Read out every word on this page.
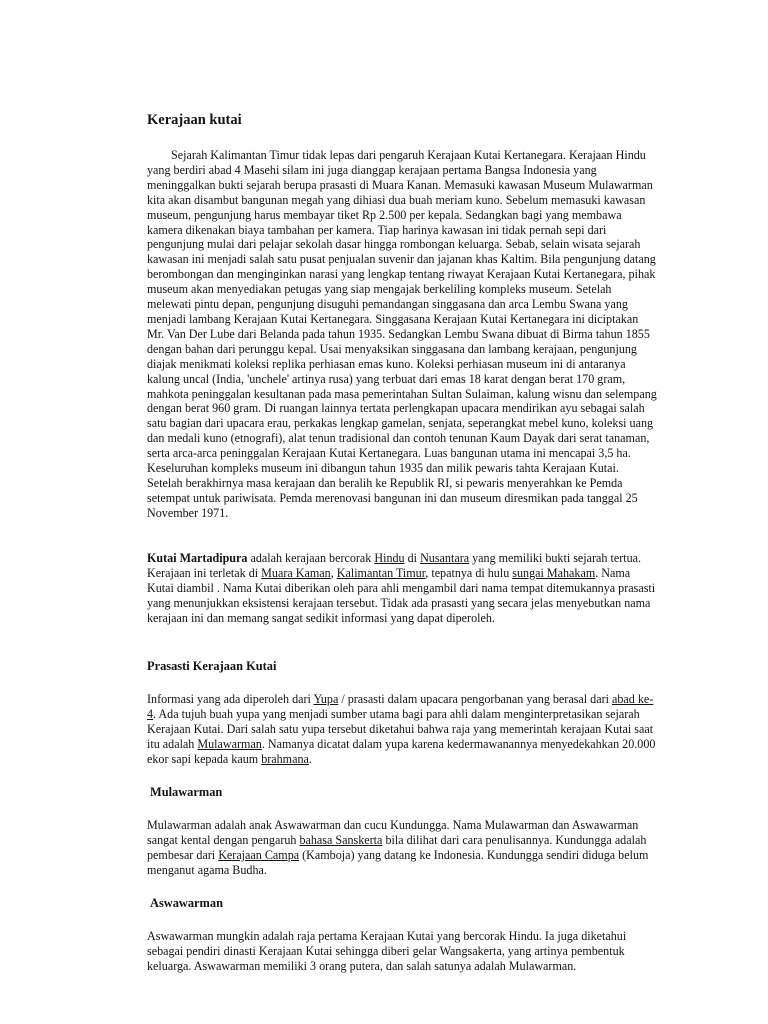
Kerajaan kutai

Sejarah Kalimantan Timur tidak lepas dari pengaruh Kerajaan Kutai Kertanegara. Kerajaan Hindu yang berdiri abad 4 Masehi silam ini juga dianggap kerajaan pertama Bangsa Indonesia yang meninggalkan bukti sejarah berupa prasasti di Muara Kanan. Memasuki kawasan Museum Mulawarman kita akan disambut bangunan megah yang dihiasi dua buah meriam kuno. Sebelum memasuki kawasan museum, pengunjung harus membayar tiket Rp 2.500 per kepala. Sedangkan bagi yang membawa kamera dikenakan biaya tambahan per kamera. Tiap harinya kawasan ini tidak pernah sepi dari pengunjung mulai dari pelajar sekolah dasar hingga rombongan keluarga. Sebab, selain wisata sejarah kawasan ini menjadi salah satu pusat penjualan suvenir dan jajanan khas Kaltim. Bila pengunjung datang berombongan dan menginginkan narasi yang lengkap tentang riwayat Kerajaan Kutai Kertanegara, pihak museum akan menyediakan petugas yang siap mengajak berkeliling kompleks museum. Setelah melewati pintu depan, pengunjung disuguhi pemandangan singgasana dan arca Lembu Swana yang menjadi lambang Kerajaan Kutai Kertanegara. Singgasana Kerajaan Kutai Kertanegara ini diciptakan Mr. Van Der Lube dari Belanda pada tahun 1935. Sedangkan Lembu Swana dibuat di Birma tahun 1855 dengan bahan dari perunggu kepal. Usai menyaksikan singgasana dan lambang kerajaan, pengunjung diajak menikmati koleksi replika perhiasan emas kuno. Koleksi perhiasan museum ini di antaranya kalung uncal (India, 'unchele' artinya rusa) yang terbuat dari emas 18 karat dengan berat 170 gram, mahkota peninggalan kesultanan pada masa pemerintahan Sultan Sulaiman, kalung wisnu dan selempang dengan berat 960 gram. Di ruangan lainnya tertata perlengkapan upacara mendirikan ayu sebagai salah satu bagian dari upacara erau, perkakas lengkap gamelan, senjata, seperangkat mebel kuno, koleksi uang dan medali kuno (etnografi), alat tenun tradisional dan contoh tenunan Kaum Dayak dari serat tanaman, serta arca-arca peninggalan Kerajaan Kutai Kertanegara. Luas bangunan utama ini mencapai 3,5 ha. Keseluruhan kompleks museum ini dibangun tahun 1935 dan milik pewaris tahta Kerajaan Kutai. Setelah berakhirnya masa kerajaan dan beralih ke Republik RI, si pewaris menyerahkan ke Pemda setempat untuk pariwisata. Pemda merenovasi bangunan ini dan museum diresmikan pada tanggal 25 November 1971.

Kutai Martadipura adalah kerajaan bercorak Hindu di Nusantara yang memiliki bukti sejarah tertua. Kerajaan ini terletak di Muara Kaman, Kalimantan Timur, tepatnya di hulu sungai Mahakam. Nama Kutai diambil . Nama Kutai diberikan oleh para ahli mengambil dari nama tempat ditemukannya prasasti yang menunjukkan eksistensi kerajaan tersebut. Tidak ada prasasti yang secara jelas menyebutkan nama kerajaan ini dan memang sangat sedikit informasi yang dapat diperoleh.

Prasasti Kerajaan Kutai

Informasi yang ada diperoleh dari Yupa / prasasti dalam upacara pengorbanan yang berasal dari abad ke-4. Ada tujuh buah yupa yang menjadi sumber utama bagi para ahli dalam menginterpretasikan sejarah Kerajaan Kutai. Dari salah satu yupa tersebut diketahui bahwa raja yang memerintah kerajaan Kutai saat itu adalah Mulawarman. Namanya dicatat dalam yupa karena kedermawanannya menyedekahkan 20.000 ekor sapi kepada kaum brahmana.

Mulawarman

Mulawarman adalah anak Aswawarman dan cucu Kundungga. Nama Mulawarman dan Aswawarman sangat kental dengan pengaruh bahasa Sanskerta bila dilihat dari cara penulisannya. Kundungga adalah pembesar dari Kerajaan Campa (Kamboja) yang datang ke Indonesia. Kundungga sendiri diduga belum menganut agama Budha.

Aswawarman

Aswawarman mungkin adalah raja pertama Kerajaan Kutai yang bercorak Hindu. Ia juga diketahui sebagai pendiri dinasti Kerajaan Kutai sehingga diberi gelar Wangsakerta, yang artinya pembentuk keluarga. Aswawarman memiliki 3 orang putera, dan salah satunya adalah Mulawarman.
